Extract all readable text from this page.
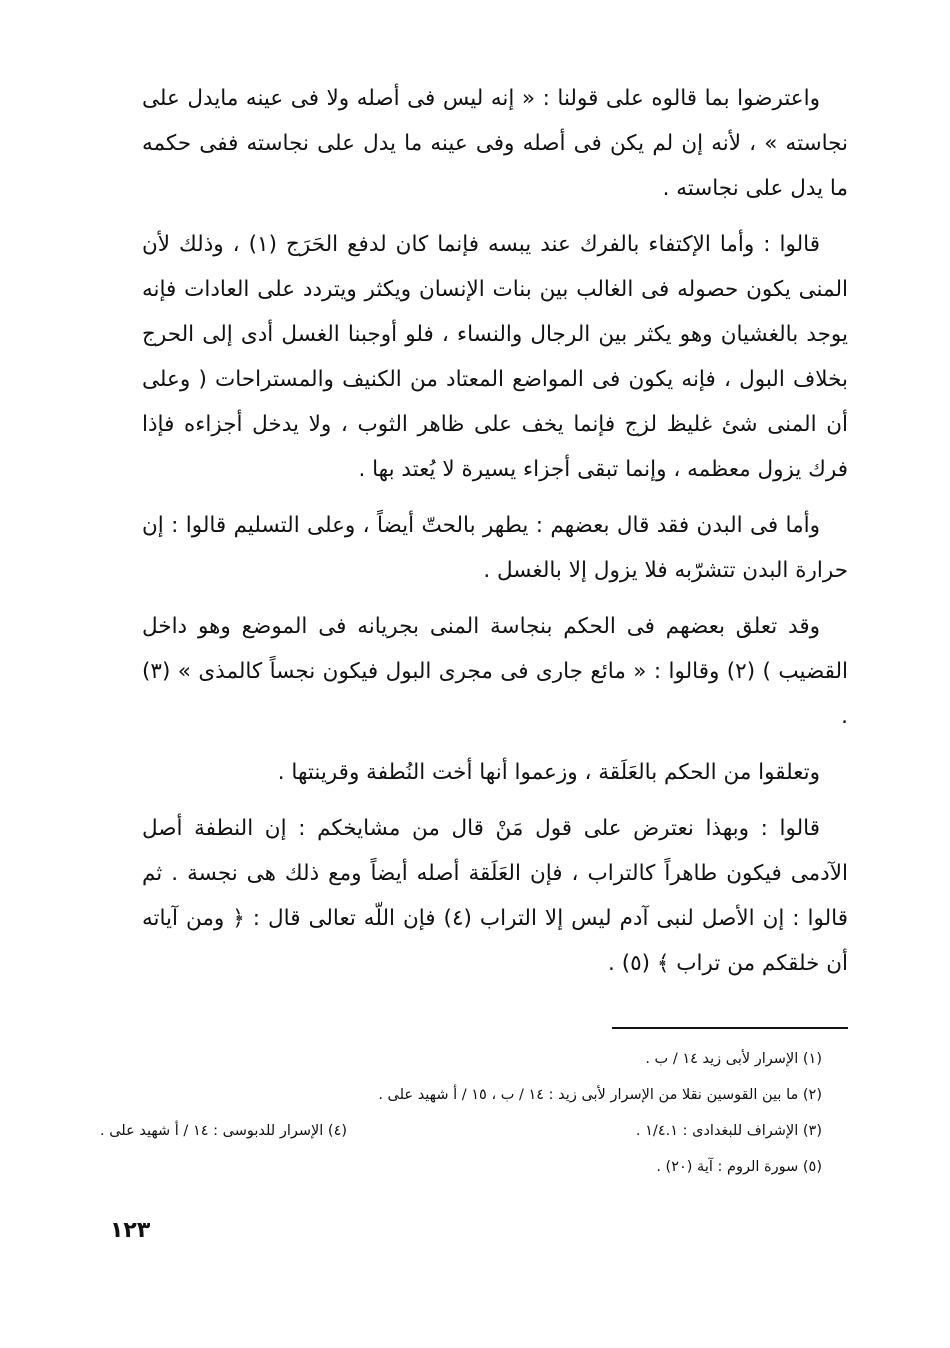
واعترضوا بما قالوه على قولنا : « إنه ليس فى أصله ولا فى عينه مايدل على نجاسته » ، لأنه إن لم يكن فى أصله وفى عينه ما يدل على نجاسته ففى حكمه ما يدل على نجاسته .

قالوا : وأما الإكتفاء بالفرك عند يبسه فإنما كان لدفع الحَرَج (١) ، وذلك لأن المنى يكون حصوله فى الغالب بين بنات الإنسان ويكثر ويتردد على العادات فإنه يوجد بالغشيان وهو يكثر بين الرجال والنساء ، فلو أوجبنا الغسل أدى إلى الحرج بخلاف البول ، فإنه يكون فى المواضع المعتاد من الكنيف والمستراحات ( وعلى أن المنى شئ غليظ لزج فإنما يخف على ظاهر الثوب ، ولا يدخل أجزاءه فإذا فرك يزول معظمه ، وإنما تبقى أجزاء يسيرة لا يُعتد بها .

وأما فى البدن فقد قال بعضهم : يطهر بالحتّ أيضاً ، وعلى التسليم قالوا : إن حرارة البدن تتشرّبه فلا يزول إلا بالغسل .

وقد تعلق بعضهم فى الحكم بنجاسة المنى بجريانه فى الموضع وهو داخل القضيب ) (٢) وقالوا : « مائع جارى فى مجرى البول فيكون نجساً كالمذى » (٣) .

وتعلقوا من الحكم بالعَلَقة ، وزعموا أنها أخت النُطفة وقرينتها .

قالوا : وبهذا نعترض على قول مَنْ قال من مشايخكم : إن النطفة أصل الآدمى فيكون طاهراً كالتراب ، فإن العَلَقة أصله أيضاً ومع ذلك هى نجسة . ثم قالوا : إن الأصل لنبى آدم ليس إلا التراب (٤) فإن اللّه تعالى قال : ﴿ ومن آياته أن خلقكم من تراب ﴾ (٥) .

(١) الإسرار لأبى زيد ١٤ / ب .
(٢) ما بين القوسين نقلا من الإسرار لأبى زيد : ١٤ / ب ، ١٥ / أ شهيد على .
(٣) الإشراف للبغدادى : ١/٤.١ .
(٤) الإسرار للدبوسى : ١٤ / أ شهيد على .
(٥) سورة الروم : آية (٢٠) .
١٢٣
